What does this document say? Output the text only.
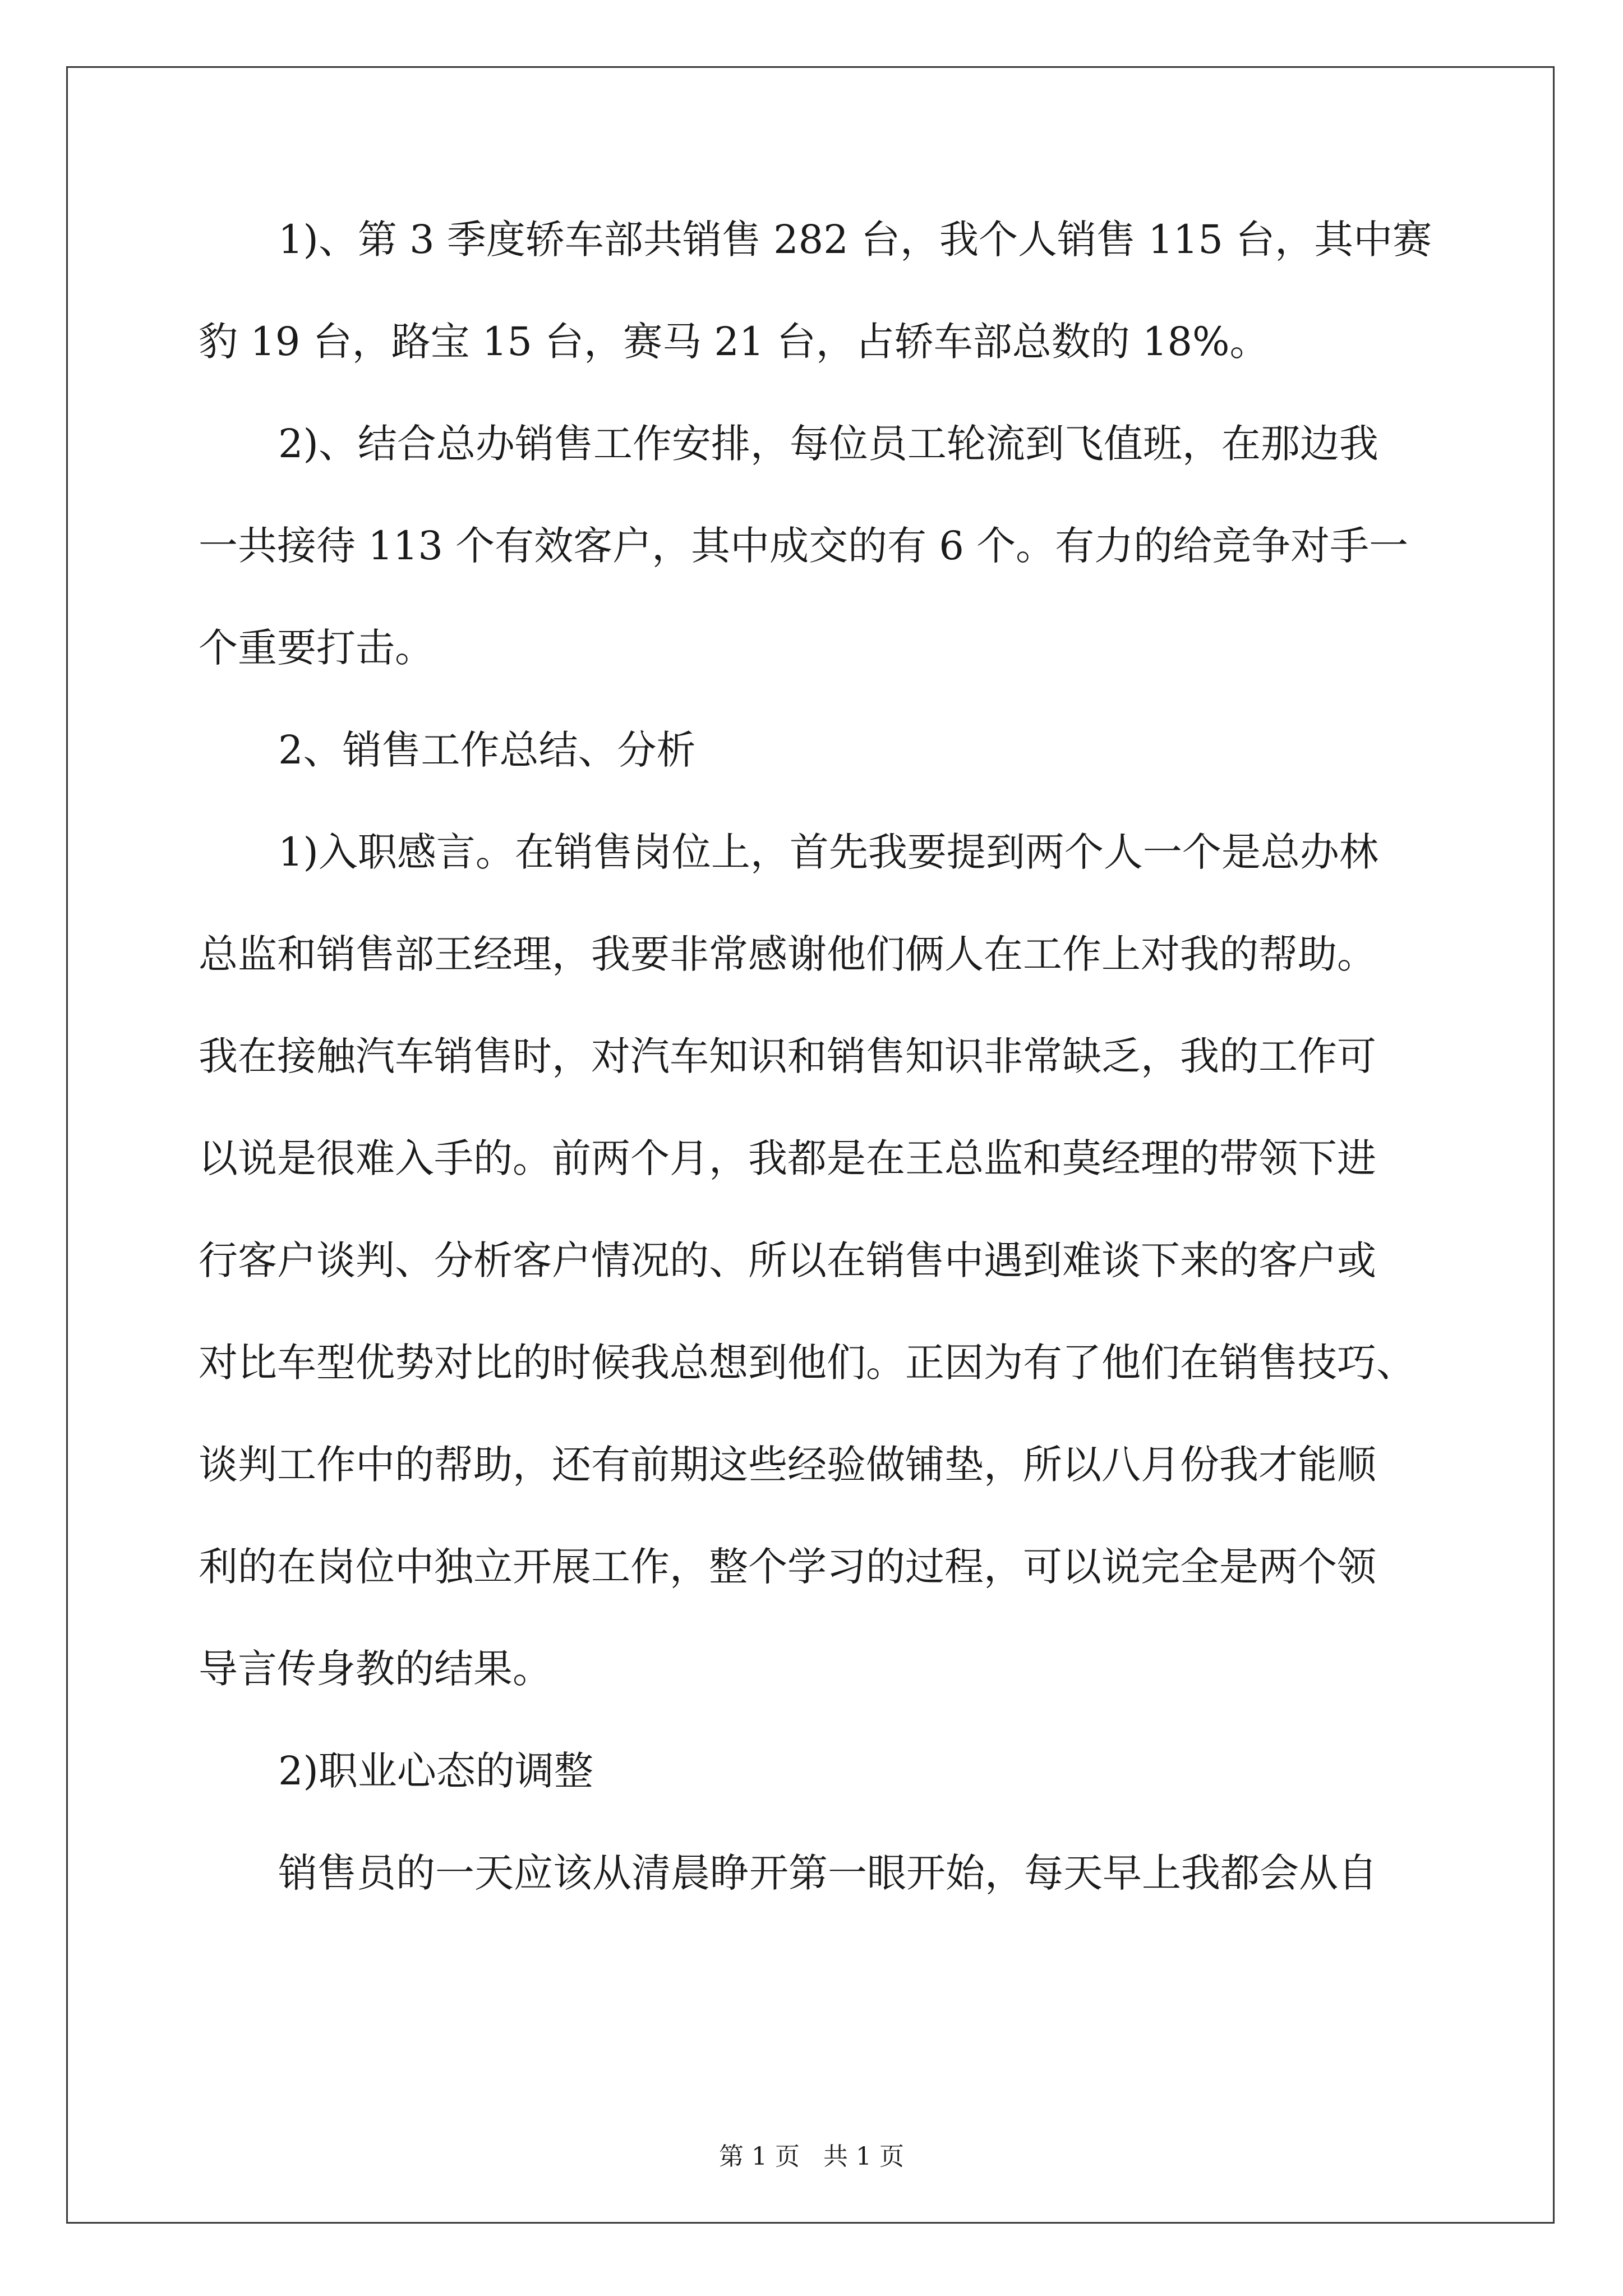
1)、第 3 季度轿车部共销售 282 台，我个人销售 115 台，其中赛

豹 19 台，路宝 15 台，赛马 21 台，占轿车部总数的 18%。

2)、结合总办销售工作安排，每位员工轮流到飞值班，在那边我

一共接待 113 个有效客户，其中成交的有 6 个。有力的给竞争对手一

个重要打击。

2、销售工作总结、分析

1)入职感言。在销售岗位上，首先我要提到两个人一个是总办林

总监和销售部王经理，我要非常感谢他们俩人在工作上对我的帮助。

我在接触汽车销售时，对汽车知识和销售知识非常缺乏，我的工作可

以说是很难入手的。前两个月，我都是在王总监和莫经理的带领下进

行客户谈判、分析客户情况的、所以在销售中遇到难谈下来的客户或

对比车型优势对比的时候我总想到他们。正因为有了他们在销售技巧、

谈判工作中的帮助，还有前期这些经验做铺垫，所以八月份我才能顺

利的在岗位中独立开展工作，整个学习的过程，可以说完全是两个领

导言传身教的结果。

2)职业心态的调整

销售员的一天应该从清晨睁开第一眼开始，每天早上我都会从自

第 1 页   共 1 页
